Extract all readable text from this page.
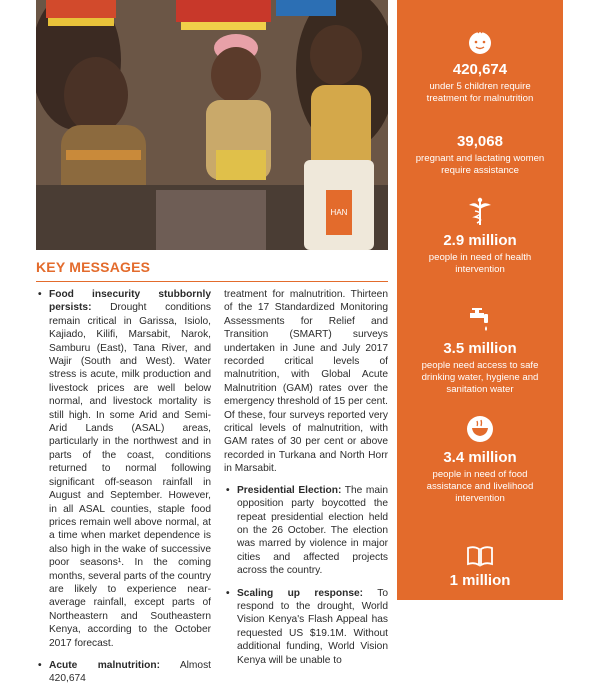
HAN
KEY MESSAGES
• Food insecurity stubbornly persists: Drought conditions remain critical in Garissa, Isiolo, Kajiado, Kilifi, Marsabit, Narok, Samburu (East), Tana River, and Wajir (South and West). Water stress is acute, milk production and livestock prices are well below normal, and livestock mortality is still high. In some Arid and Semi-Arid Lands (ASAL) areas, particularly in the northwest and in parts of the coast, conditions returned to normal following significant off-season rainfall in August and September. However, in all ASAL counties, staple food prices remain well above normal, at a time when market dependence is also high in the wake of successive poor seasons¹. In the coming months, several parts of the country are likely to experience near-average rainfall, except parts of Northeastern and Southeastern Kenya, according to the October 2017 forecast.
• Acute malnutrition: Almost 420,674
treatment for malnutrition. Thirteen of the 17 Standardized Monitoring Assessments for Relief and Transition (SMART) surveys undertaken in June and July 2017 recorded critical levels of malnutrition, with Global Acute Malnutrition (GAM) rates over the emergency threshold of 15 per cent. Of these, four surveys reported very critical levels of malnutrition, with GAM rates of 30 per cent or above recorded in Turkana and North Horr in Marsabit.
• Presidential Election: The main opposition party boycotted the repeat presidential election held on the 26 October. The election was marred by violence in major cities and affected projects across the country.
• Scaling up response: To respond to the drought, World Vision Kenya's Flash Appeal has requested US $19.1M. Without additional funding, World Vision Kenya will be unable to
420,674
under 5 children require treatment for malnutrition
39,068
pregnant and lactating women require assistance
2.9 million
people in need of health intervention
3.5 million
people need access to safe drinking water, hygiene and sanitation water
3.4 million
people in need of food assistance and livelihood intervention
1 million
